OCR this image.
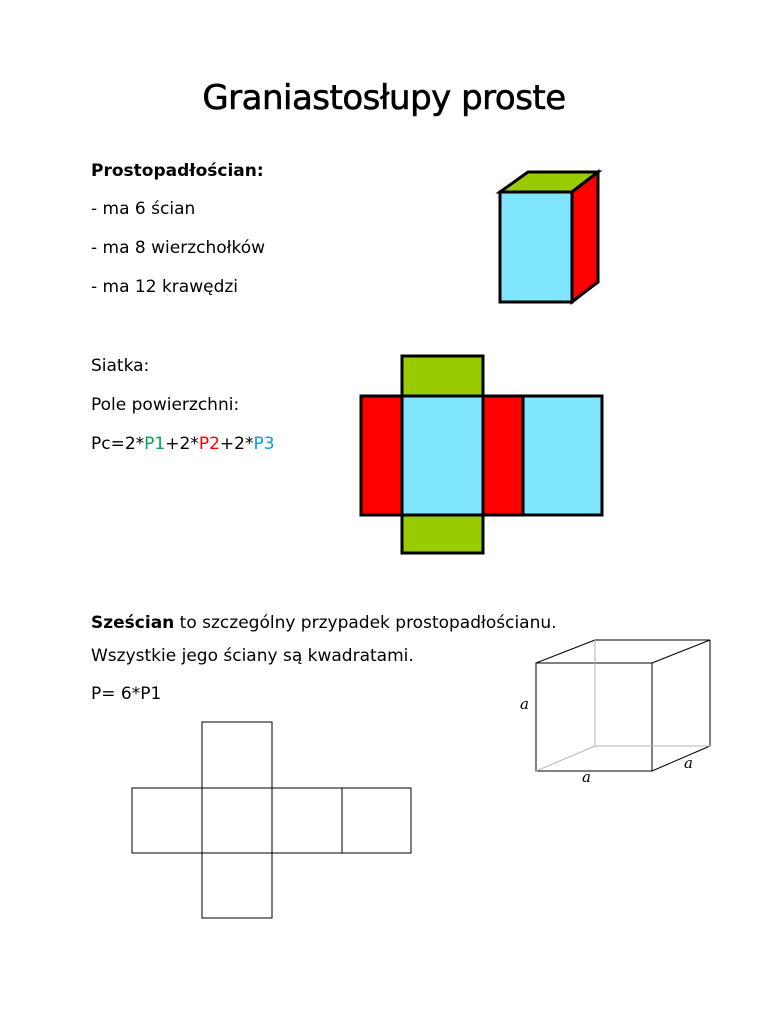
Graniastosłupy proste
Prostopadłościan:
- ma 6 ścian
- ma 8 wierzchołków
- ma 12 krawędzi
Siatka:
Pole powierzchni:
Pc=2*P1+2*P2+2*P3
Sześcian to szczególny przypadek prostopadłościanu.
Wszystkie jego ściany są kwadratami.
P= 6*P1	a
a
a
